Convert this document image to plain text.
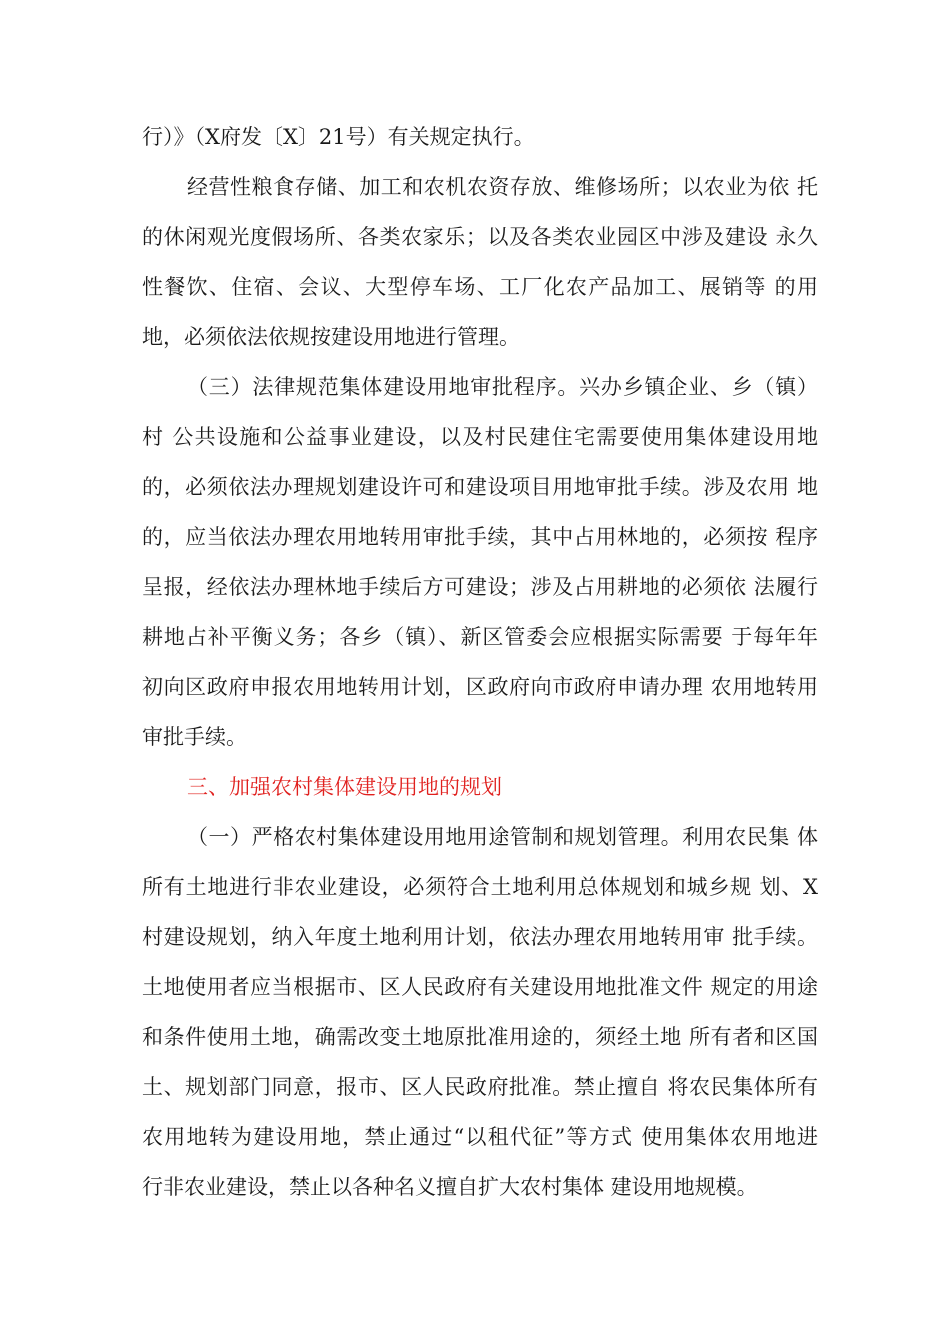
行）》（X府发〔X〕21号）有关规定执行。
经营性粮食存储、加工和农机农资存放、维修场所；以农业为依 托
的休闲观光度假场所、各类农家乐；以及各类农业园区中涉及建设 永久
性餐饮、住宿、会议、大型停车场、工厂化农产品加工、展销等 的用
地，必须依法依规按建设用地进行管理。
（三）法律规范集体建设用地审批程序。兴办乡镇企业、乡（镇）
村 公共设施和公益事业建设，以及村民建住宅需要使用集体建设用地
的，必须依法办理规划建设许可和建设项目用地审批手续。涉及农用 地
的，应当依法办理农用地转用审批手续，其中占用林地的，必须按 程序
呈报，经依法办理林地手续后方可建设；涉及占用耕地的必须依 法履行
耕地占补平衡义务；各乡（镇）、新区管委会应根据实际需要 于每年年
初向区政府申报农用地转用计划，区政府向市政府申请办理 农用地转用
审批手续。
三、加强农村集体建设用地的规划
（一）严格农村集体建设用地用途管制和规划管理。利用农民集 体
所有土地进行非农业建设，必须符合土地利用总体规划和城乡规 划、X
村建设规划，纳入年度土地利用计划，依法办理农用地转用审 批手续。
土地使用者应当根据市、区人民政府有关建设用地批准文件 规定的用途
和条件使用土地，确需改变土地原批准用途的，须经土地 所有者和区国
土、规划部门同意，报市、区人民政府批准。禁止擅自 将农民集体所有
农用地转为建设用地，禁止通过“以租代征”等方式 使用集体农用地进
行非农业建设，禁止以各种名义擅自扩大农村集体 建设用地规模。
